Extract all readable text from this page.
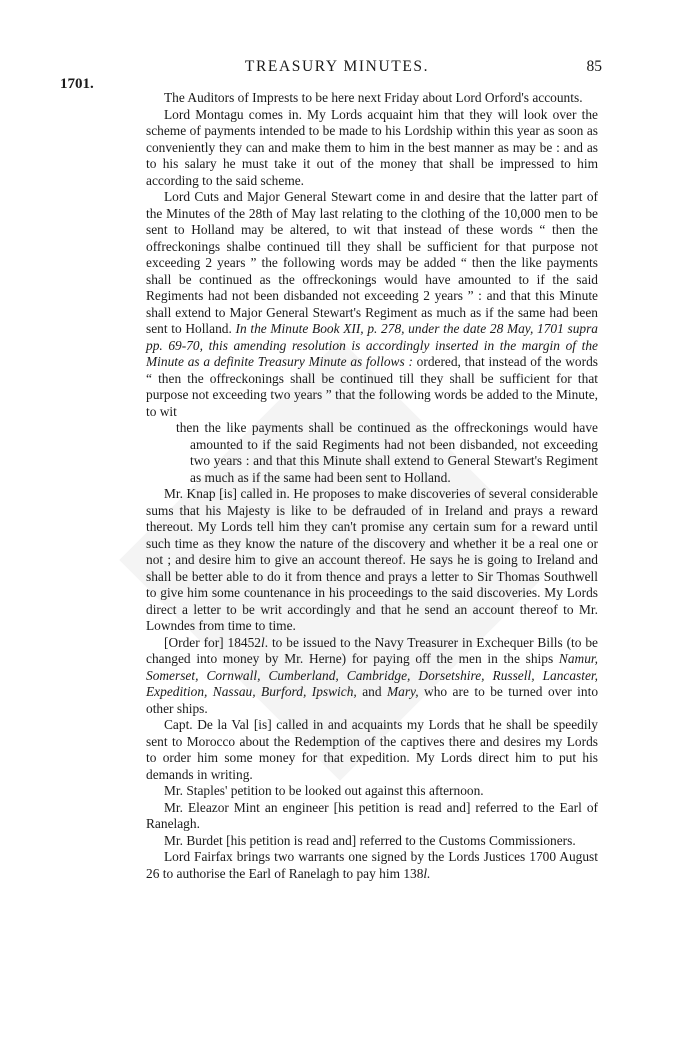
TREASURY MINUTES.	85
1701.

The Auditors of Imprests to be here next Friday about Lord Orford's accounts.

Lord Montagu comes in. My Lords acquaint him that they will look over the scheme of payments intended to be made to his Lordship within this year as soon as conveniently they can and make them to him in the best manner as may be : and as to his salary he must take it out of the money that shall be impressed to him according to the said scheme.

Lord Cuts and Major General Stewart come in and desire that the latter part of the Minutes of the 28th of May last relating to the clothing of the 10,000 men to be sent to Holland may be altered, to wit that instead of these words “ then the offreckonings shalbe continued till they shall be sufficient for that purpose not exceeding 2 years ” the following words may be added “ then the like payments shall be continued as the offreckonings would have amounted to if the said Regiments had not been disbanded not exceeding 2 years ” : and that this Minute shall extend to Major General Stewart's Regiment as much as if the same had been sent to Holland. In the Minute Book XII, p. 278, under the date 28 May, 1701 supra pp. 69-70, this amending resolution is accordingly inserted in the margin of the Minute as a definite Treasury Minute as follows : ordered, that instead of the words “ then the offreckonings shall be continued till they shall be sufficient for that purpose not exceeding two years ” that the following words be added to the Minute, to wit

then the like payments shall be continued as the offreckonings would have amounted to if the said Regiments had not been disbanded, not exceeding two years : and that this Minute shall extend to General Stewart's Regiment as much as if the same had been sent to Holland.

Mr. Knap [is] called in. He proposes to make discoveries of several considerable sums that his Majesty is like to be defrauded of in Ireland and prays a reward thereout. My Lords tell him they can't promise any certain sum for a reward until such time as they know the nature of the discovery and whether it be a real one or not ; and desire him to give an account thereof. He says he is going to Ireland and shall be better able to do it from thence and prays a letter to Sir Thomas Southwell to give him some countenance in his proceedings to the said discoveries. My Lords direct a letter to be writ accordingly and that he send an account thereof to Mr. Lowndes from time to time.

[Order for] 18452l. to be issued to the Navy Treasurer in Exchequer Bills (to be changed into money by Mr. Herne) for paying off the men in the ships Namur, Somerset, Cornwall, Cumberland, Cambridge, Dorsetshire, Russell, Lancaster, Expedition, Nassau, Burford, Ipswich, and Mary, who are to be turned over into other ships.

Capt. De la Val [is] called in and acquaints my Lords that he shall be speedily sent to Morocco about the Redemption of the captives there and desires my Lords to order him some money for that expedition. My Lords direct him to put his demands in writing.

Mr. Staples' petition to be looked out against this afternoon.

Mr. Eleazor Mint an engineer [his petition is read and] referred to the Earl of Ranelagh.

Mr. Burdet [his petition is read and] referred to the Customs Commissioners.

Lord Fairfax brings two warrants one signed by the Lords Justices 1700 August 26 to authorise the Earl of Ranelagh to pay him 138l.
